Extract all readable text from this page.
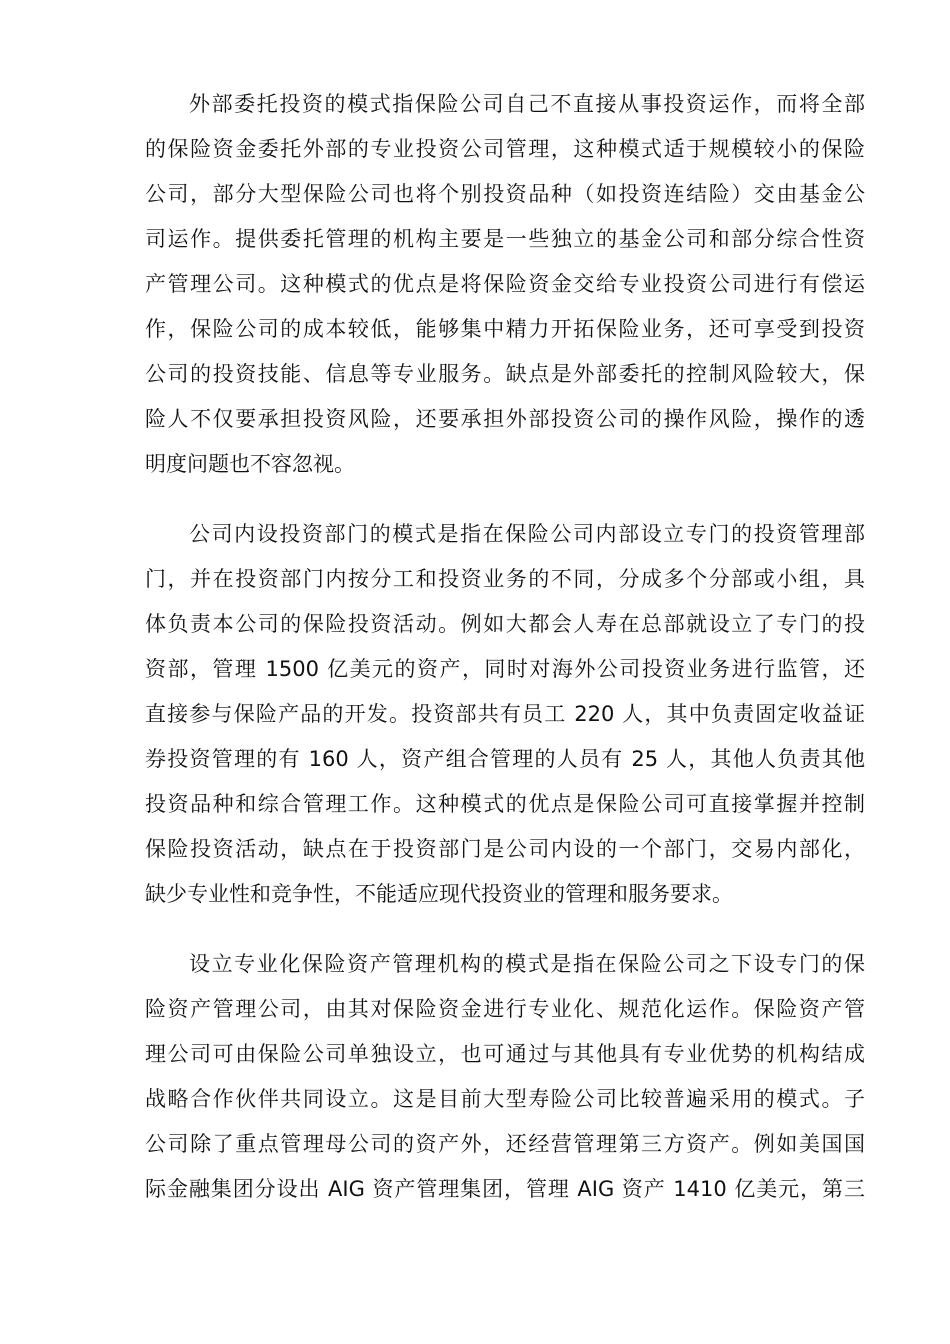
外部委托投资的模式指保险公司自己不直接从事投资运作，而将全部

的保险资金委托外部的专业投资公司管理，这种模式适于规模较小的保险

公司，部分大型保险公司也将个别投资品种（如投资连结险）交由基金公

司运作。提供委托管理的机构主要是一些独立的基金公司和部分综合性资

产管理公司。这种模式的优点是将保险资金交给专业投资公司进行有偿运

作，保险公司的成本较低，能够集中精力开拓保险业务，还可享受到投资

公司的投资技能、信息等专业服务。缺点是外部委托的控制风险较大，保

险人不仅要承担投资风险，还要承担外部投资公司的操作风险，操作的透

明度问题也不容忽视。

公司内设投资部门的模式是指在保险公司内部设立专门的投资管理部

门，并在投资部门内按分工和投资业务的不同，分成多个分部或小组，具

体负责本公司的保险投资活动。例如大都会人寿在总部就设立了专门的投

资部，管理 1500 亿美元的资产，同时对海外公司投资业务进行监管，还

直接参与保险产品的开发。投资部共有员工 220 人，其中负责固定收益证

券投资管理的有 160 人，资产组合管理的人员有 25 人，其他人负责其他

投资品种和综合管理工作。这种模式的优点是保险公司可直接掌握并控制

保险投资活动，缺点在于投资部门是公司内设的一个部门，交易内部化，

缺少专业性和竞争性，不能适应现代投资业的管理和服务要求。

设立专业化保险资产管理机构的模式是指在保险公司之下设专门的保

险资产管理公司，由其对保险资金进行专业化、规范化运作。保险资产管

理公司可由保险公司单独设立，也可通过与其他具有专业优势的机构结成

战略合作伙伴共同设立。这是目前大型寿险公司比较普遍采用的模式。子

公司除了重点管理母公司的资产外，还经营管理第三方资产。例如美国国

际金融集团分设出 AIG 资产管理集团，管理 AIG 资产 1410 亿美元，第三
